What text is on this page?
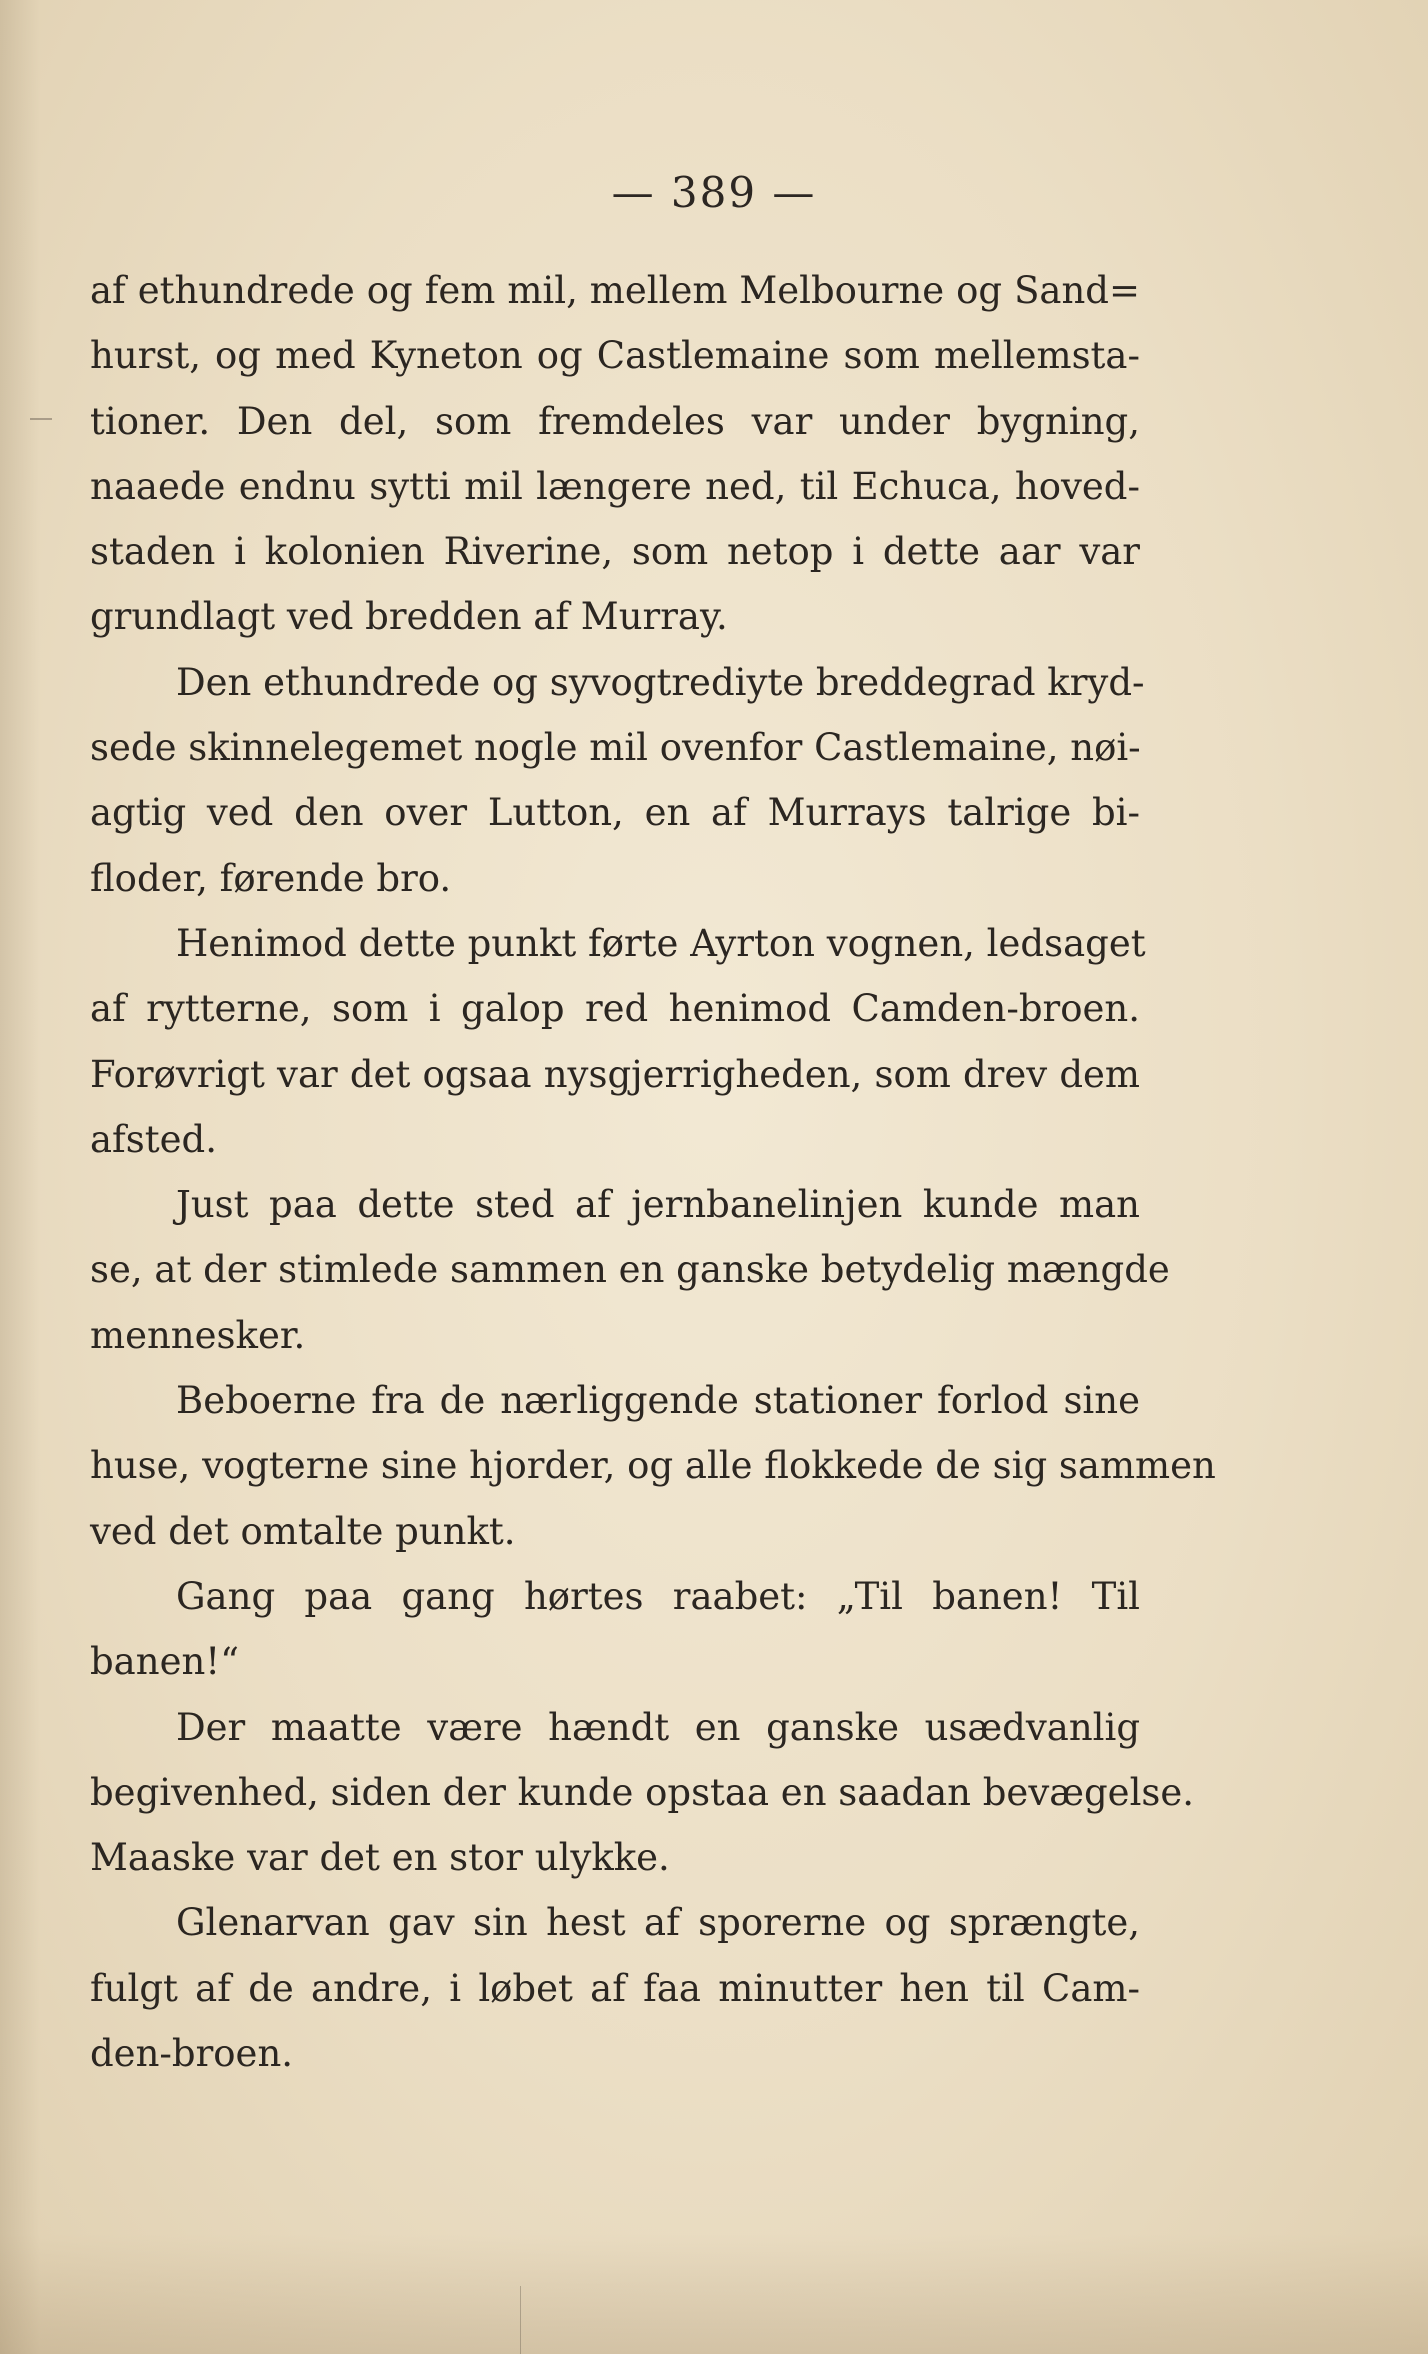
— 389 —
af ethundrede og fem mil, mellem Melbourne og Sand=
hurst, og med Kyneton og Castlemaine som mellemsta-
tioner. Den del, som fremdeles var under bygning,
naaede endnu sytti mil længere ned, til Echuca, hoved-
staden i kolonien Riverine, som netop i dette aar var
grundlagt ved bredden af Murray.
Den ethundrede og syvogtrediyte breddegrad kryd-
sede skinnelegemet nogle mil ovenfor Castlemaine, nøi-
agtig ved den over Lutton, en af Murrays talrige bi-
floder, førende bro.
Henimod dette punkt førte Ayrton vognen, ledsaget
af rytterne, som i galop red henimod Camden-broen.
Forøvrigt var det ogsaa nysgjerrigheden, som drev dem
afsted.
Just paa dette sted af jernbanelinjen kunde man
se, at der stimlede sammen en ganske betydelig mængde
mennesker.
Beboerne fra de nærliggende stationer forlod sine
huse, vogterne sine hjorder, og alle flokkede de sig sammen
ved det omtalte punkt.
Gang paa gang hørtes raabet: „Til banen! Til
banen!“
Der maatte være hændt en ganske usædvanlig
begivenhed, siden der kunde opstaa en saadan bevægelse.
Maaske var det en stor ulykke.
Glenarvan gav sin hest af sporerne og sprængte,
fulgt af de andre, i løbet af faa minutter hen til Cam-
den-broen.
